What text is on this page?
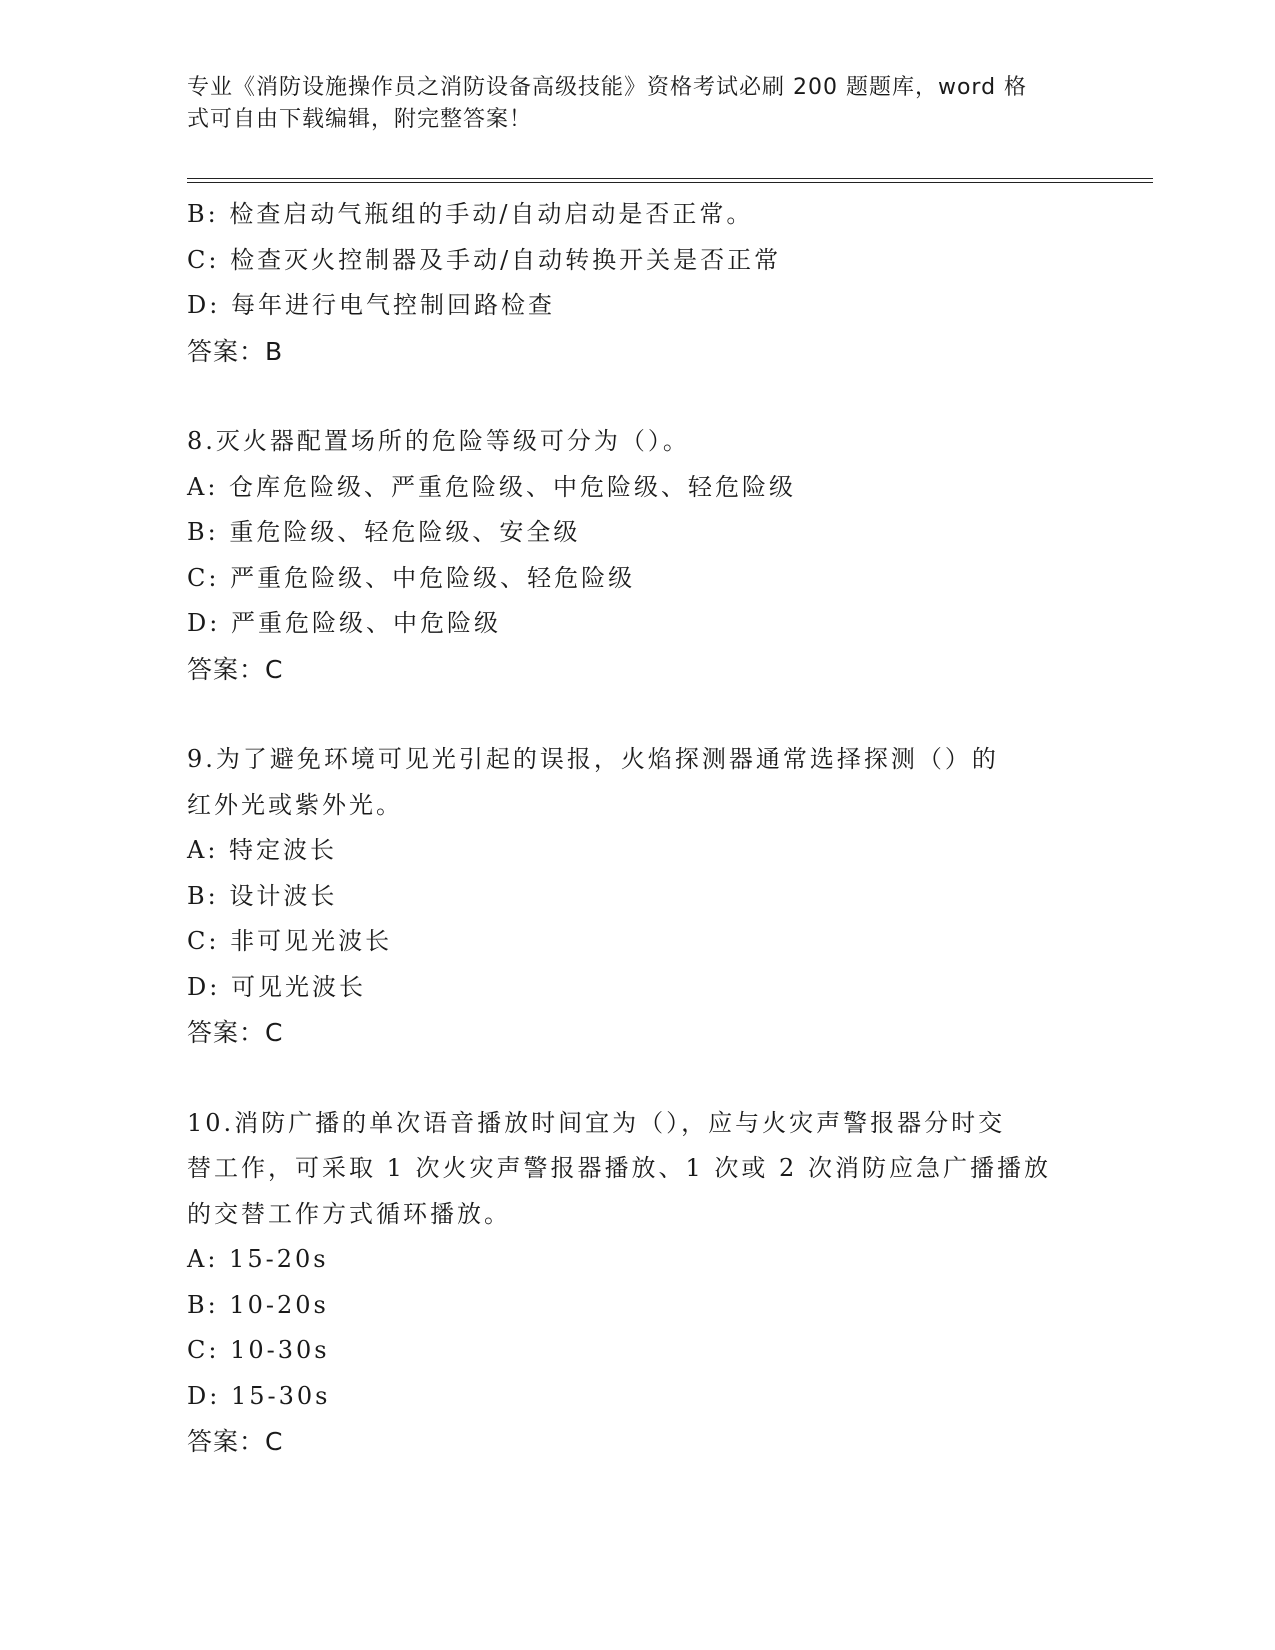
专业《消防设施操作员之消防设备高级技能》资格考试必刷 200 题题库，word 格
式可自由下载编辑，附完整答案！
B: 检查启动气瓶组的手动/自动启动是否正常。
C: 检查灭火控制器及手动/自动转换开关是否正常
D: 每年进行电气控制回路检查
答案：B
8.灭火器配置场所的危险等级可分为（）。
A: 仓库危险级、严重危险级、中危险级、轻危险级
B: 重危险级、轻危险级、安全级
C: 严重危险级、中危险级、轻危险级
D: 严重危险级、中危险级
答案：C
9.为了避免环境可见光引起的误报，火焰探测器通常选择探测（）的
红外光或紫外光。
A: 特定波长
B: 设计波长
C: 非可见光波长
D: 可见光波长
答案：C
10.消防广播的单次语音播放时间宜为（），应与火灾声警报器分时交
替工作，可采取 1 次火灾声警报器播放、1 次或 2 次消防应急广播播放
的交替工作方式循环播放。
A: 15-20s
B: 10-20s
C: 10-30s
D: 15-30s
答案：C
